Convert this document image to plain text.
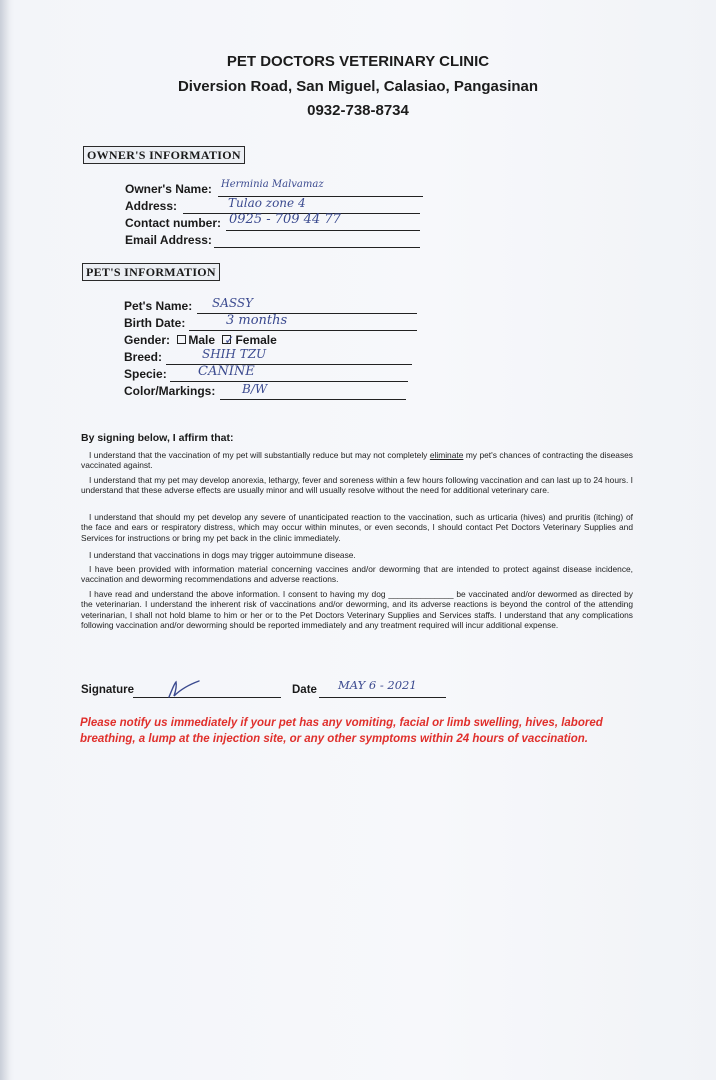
PET DOCTORS VETERINARY CLINIC
Diversion Road, San Miguel, Calasiao, Pangasinan
0932-738-8734
OWNER'S INFORMATION
Owner's Name: Herminia Malvamaz
Address:	Tulao zone 4
Contact number: 0925 - 709 44 77
Email Address:
PET'S INFORMATION
Pet's Name: SASSY
Birth Date:	3 months
Gender: Male ✓Female
Breed:	SHIH TZU
Specie: CANINE
Color/Markings: B/W
By signing below, I affirm that:
I understand that the vaccination of my pet will substantially reduce but may not completely eliminate my pet's chances of contracting the diseases vaccinated against.
I understand that my pet may develop anorexia, lethargy, fever and soreness within a few hours following vaccination and can last up to 24 hours. I understand that these adverse effects are usually minor and will usually resolve without the need for additional veterinary care.
I understand that should my pet develop any severe of unanticipated reaction to the vaccination, such as urticaria (hives) and pruritis (itching) of the face and ears or respiratory distress, which may occur within minutes, or even seconds, I should contact Pet Doctors Veterinary Supplies and Services for instructions or bring my pet back in the clinic immediately.
I understand that vaccinations in dogs may trigger autoimmune disease.
I have been provided with information material concerning vaccines and/or deworming that are intended to protect against disease incidence, vaccination and deworming recommendations and adverse reactions.
I have read and understand the above information. I consent to having my dog ______________ be vaccinated and/or dewormed as directed by the veterinarian. I understand the inherent risk of vaccinations and/or deworming, and its adverse reactions is beyond the control of the attending veterinarian, I shall not hold blame to him or her or to the Pet Doctors Veterinary Supplies and Services staffs. I understand that any complications following vaccination and/or deworming should be reported immediately and any treatment required will incur additional expense.
Signature	Date MAY 6 - 2021
Please notify us immediately if your pet has any vomiting, facial or limb swelling, hives, labored breathing, a lump at the injection site, or any other symptoms within 24 hours of vaccination.
